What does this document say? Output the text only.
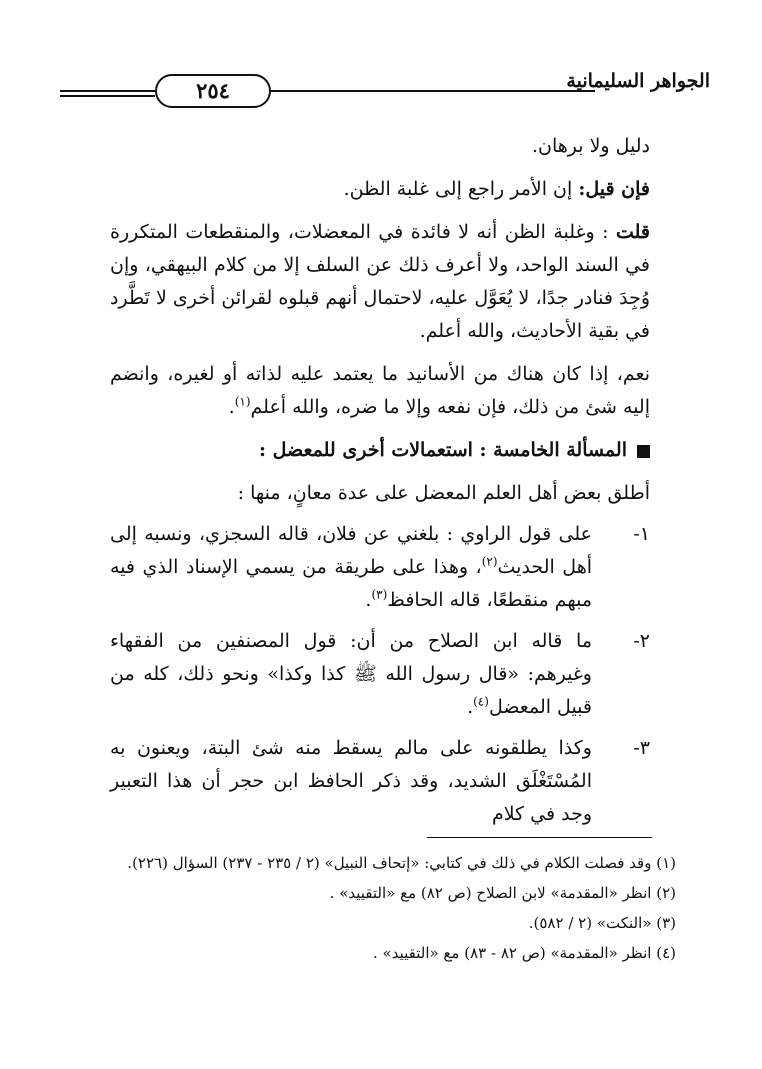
الجواهر السليمانية
٢٥٤

دليل ولا برهان.

فإن قيل: إن الأمر راجع إلى غلبة الظن.

قلت : وغلبة الظن أنه لا فائدة في المعضلات، والمنقطعات المتكررة في السند الواحد، ولا أعرف ذلك عن السلف إلا من كلام البيهقي، وإن وُجِدَ فنادر جدًا، لا يُعَوَّل عليه، لاحتمال أنهم قبلوه لقرائن أخرى لا تَطَّرد في بقية الأحاديث، والله أعلم.

نعم، إذا كان هناك من الأسانيد ما يعتمد عليه لذاته أو لغيره، وانضم إليه شئ من ذلك، فإن نفعه وإلا ما ضره، والله أعلم$^{(١)}$.

المسألة الخامسة : استعمالات أخرى للمعضل :

أطلق بعض أهل العلم المعضل على عدة معانٍ، منها :

١-

على قول الراوي : بلغني عن فلان، قاله السجزي، ونسبه إلى أهل الحديث$^{(٢)}$، وهذا على طريقة من يسمي الإسناد الذي فيه مبهم منقطعًا، قاله الحافظ$^{(٣)}$.

٢-

ما قاله ابن الصلاح من أن: قول المصنفين من الفقهاء وغيرهم: «قال رسول الله ﷺ كذا وكذا» ونحو ذلك، كله من قبيل المعضل$^{(٤)}$.

٣-

وكذا يطلقونه على مالم يسقط منه شئ البتة، ويعنون به المُسْتَغْلَق الشديد، وقد ذكر الحافظ ابن حجر أن هذا التعبير وجد في كلام

(١) وقد فصلت الكلام في ذلك في كتابي: «إتحاف النبيل» (٢ / ٢٣٥ - ٢٣٧) السؤال (٢٢٦).

(٢) انظر «المقدمة» لابن الصلاح (ص ٨٢) مع «التقييد» .

(٣) «النكت» (٢ / ٥٨٢).

(٤) انظر «المقدمة» (ص ٨٢ - ٨٣) مع «التقييد» .
